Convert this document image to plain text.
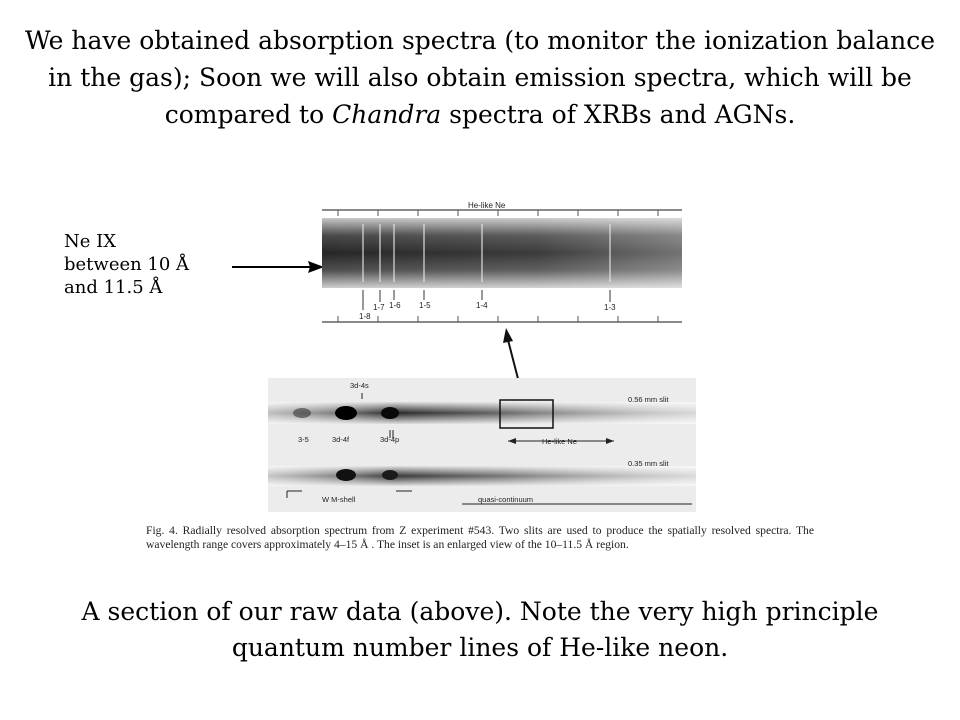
We have obtained absorption spectra (to monitor the ionization balance in the gas); Soon we will also obtain emission spectra, which will be compared to Chandra spectra of XRBs and AGNs.
Ne IX
between 10 Å
and 11.5 Å
He-like Ne
1-8
1-7 1-6 1-5	1-4	1-3
3d-4s
3-5	3d-4f	3d-4p
0.56 mm slit
0.35 mm slit
He-like Ne
W M-shell	quasi-continuum

Fig. 4. Radially resolved absorption spectrum from Z experiment #543. Two slits are used to produce the spatially resolved spectra. The wavelength range covers approximately 4–15 Å . The inset is an enlarged view of the 10–11.5 Å region.

A section of our raw data (above). Note the very high principle quantum number lines of He-like neon.
